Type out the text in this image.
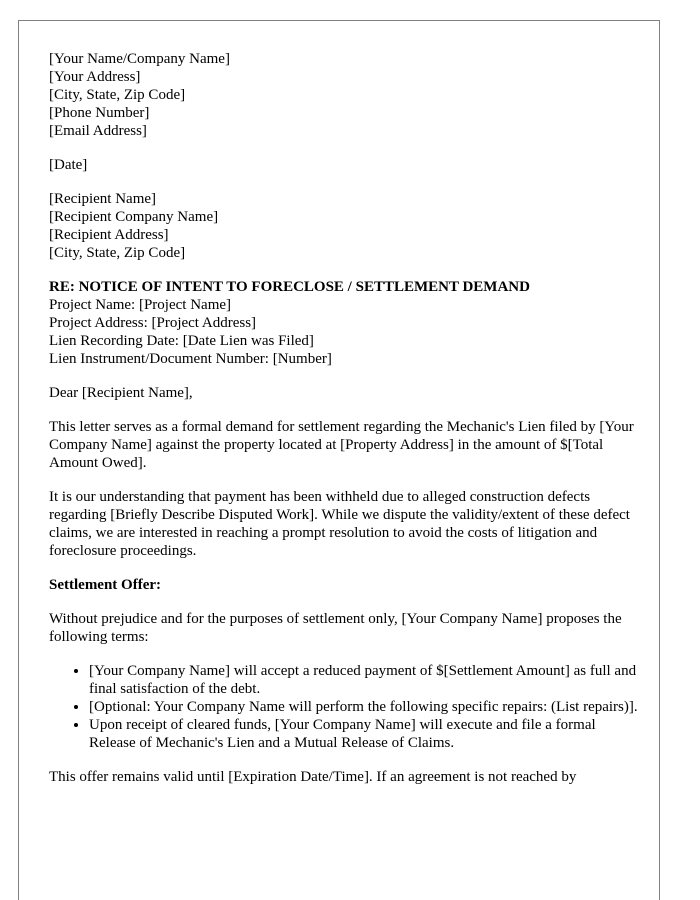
[Your Name/Company Name]
[Your Address]
[City, State, Zip Code]
[Phone Number]
[Email Address]
[Date]
[Recipient Name]
[Recipient Company Name]
[Recipient Address]
[City, State, Zip Code]
RE: NOTICE OF INTENT TO FORECLOSE / SETTLEMENT DEMAND
Project Name: [Project Name]
Project Address: [Project Address]
Lien Recording Date: [Date Lien was Filed]
Lien Instrument/Document Number: [Number]
Dear [Recipient Name],

This letter serves as a formal demand for settlement regarding the Mechanic's Lien filed by [Your Company Name] against the property located at [Property Address] in the amount of $[Total Amount Owed].

It is our understanding that payment has been withheld due to alleged construction defects regarding [Briefly Describe Disputed Work]. While we dispute the validity/extent of these defect claims, we are interested in reaching a prompt resolution to avoid the costs of litigation and foreclosure proceedings.

Settlement Offer:

Without prejudice and for the purposes of settlement only, [Your Company Name] proposes the following terms:

• [Your Company Name] will accept a reduced payment of $[Settlement Amount] as full and final satisfaction of the debt.
• [Optional: Your Company Name will perform the following specific repairs: (List repairs)].
• Upon receipt of cleared funds, [Your Company Name] will execute and file a formal Release of Mechanic's Lien and a Mutual Release of Claims.

This offer remains valid until [Expiration Date/Time]. If an agreement is not reached by
